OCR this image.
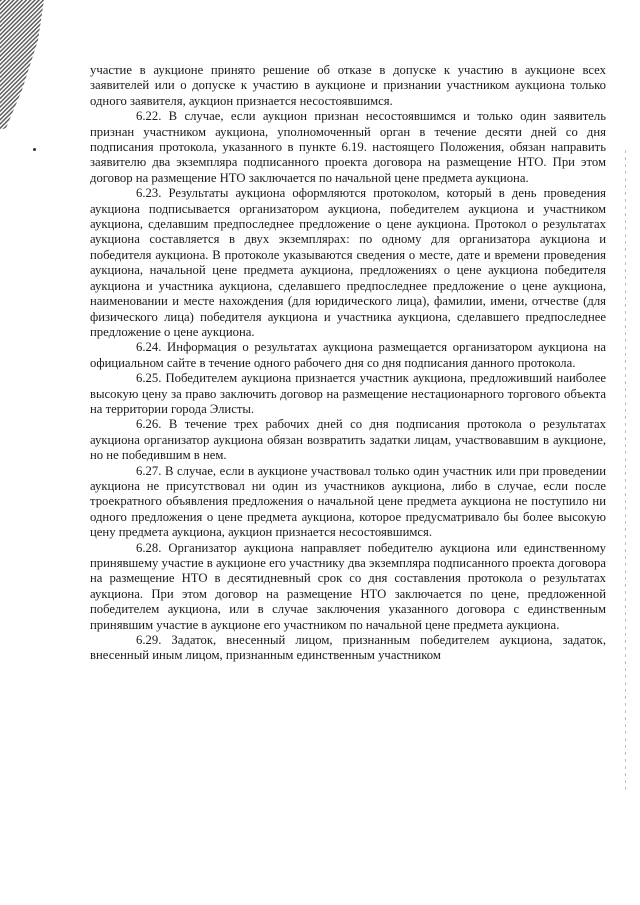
участие в аукционе принято решение об отказе в допуске к участию в аукционе всех заявителей или о допуске к участию в аукционе и признании участником аукциона только одного заявителя, аукцион признается несостоявшимся.

6.22. В случае, если аукцион признан несостоявшимся и только один заявитель признан участником аукциона, уполномоченный орган в течение десяти дней со дня подписания протокола, указанного в пункте 6.19. настоящего Положения, обязан направить заявителю два экземпляра подписанного проекта договора на размещение НТО. При этом договор на размещение НТО заключается по начальной цене предмета аукциона.

6.23. Результаты аукциона оформляются протоколом, который в день проведения аукциона подписывается организатором аукциона, победителем аукциона и участником аукциона, сделавшим предпоследнее предложение о цене аукциона. Протокол о результатах аукциона составляется в двух экземплярах: по одному для организатора аукциона и победителя аукциона. В протоколе указываются сведения о месте, дате и времени проведения аукциона, начальной цене предмета аукциона, предложениях о цене аукциона победителя аукциона и участника аукциона, сделавшего предпоследнее предложение о цене аукциона, наименовании и месте нахождения (для юридического лица), фамилии, имени, отчестве (для физического лица) победителя аукциона и участника аукциона, сделавшего предпоследнее предложение о цене аукциона.

6.24. Информация о результатах аукциона размещается организатором аукциона на официальном сайте в течение одного рабочего дня со дня подписания данного протокола.

6.25. Победителем аукциона признается участник аукциона, предложивший наиболее высокую цену за право заключить договор на размещение нестационарного торгового объекта на территории города Элисты.

6.26. В течение трех рабочих дней со дня подписания протокола о результатах аукциона организатор аукциона обязан возвратить задатки лицам, участвовавшим в аукционе, но не победившим в нем.

6.27. В случае, если в аукционе участвовал только один участник или при проведении аукциона не присутствовал ни один из участников аукциона, либо в случае, если после троекратного объявления предложения о начальной цене предмета аукциона не поступило ни одного предложения о цене предмета аукциона, которое предусматривало бы более высокую цену предмета аукциона, аукцион признается несостоявшимся.

6.28. Организатор аукциона направляет победителю аукциона или единственному принявшему участие в аукционе его участнику два экземпляра подписанного проекта договора на размещение НТО в десятидневный срок со дня составления протокола о результатах аукциона. При этом договор на размещение НТО заключается по цене, предложенной победителем аукциона, или в случае заключения указанного договора с единственным принявшим участие в аукционе его участником по начальной цене предмета аукциона.

6.29. Задаток, внесенный лицом, признанным победителем аукциона, задаток, внесенный иным лицом, признанным единственным участником
